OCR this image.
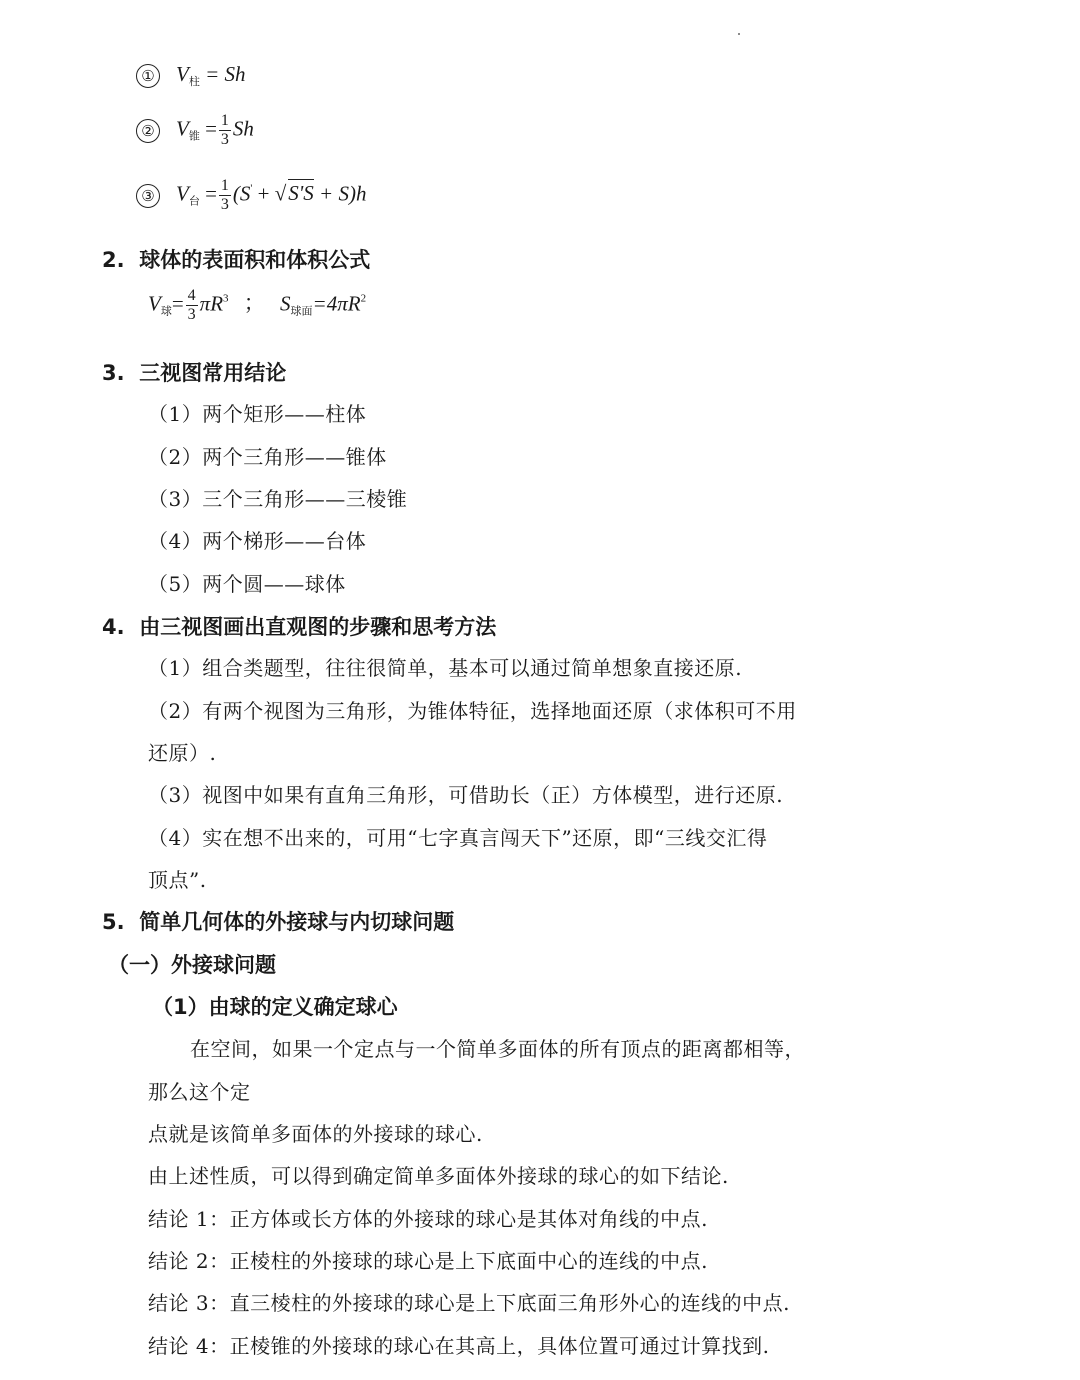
① $V_柱 = Sh$
② $V_锥 = \frac{1}{3}$ Sh
③ $V_台 = \frac{1}{3} (S' + √S'S + S)h$
2. 球体的表面积和体积公式
$V_球= \frac{4}{3} \pi R^3$ ； $S_{球面}=4\pi R^2$
3. 三视图常用结论
（1）两个矩形——柱体
（2）两个三角形——锥体
（3）三个三角形——三棱锥
（4）两个梯形——台体
（5）两个圆——球体
4. 由三视图画出直观图的步骤和思考方法
（1）组合类题型，往往很简单，基本可以通过简单想象直接还原.
（2）有两个视图为三角形，为锥体特征，选择地面还原（求体积可不用
还原）.
（3）视图中如果有直角三角形，可借助长（正）方体模型，进行还原.
（4）实在想不出来的，可用“七字真言闯天下”还原，即“三线交汇得
顶点”.
5. 简单几何体的外接球与内切球问题
（一）外接球问题
（1）由球的定义确定球心
在空间，如果一个定点与一个简单多面体的所有顶点的距离都相等，
那么这个定
点就是该简单多面体的外接球的球心.
由上述性质，可以得到确定简单多面体外接球的球心的如下结论.
结论 1：正方体或长方体的外接球的球心是其体对角线的中点.
结论 2：正棱柱的外接球的球心是上下底面中心的连线的中点.
结论 3：直三棱柱的外接球的球心是上下底面三角形外心的连线的中点.
结论 4：正棱锥的外接球的球心在其高上，具体位置可通过计算找到.
